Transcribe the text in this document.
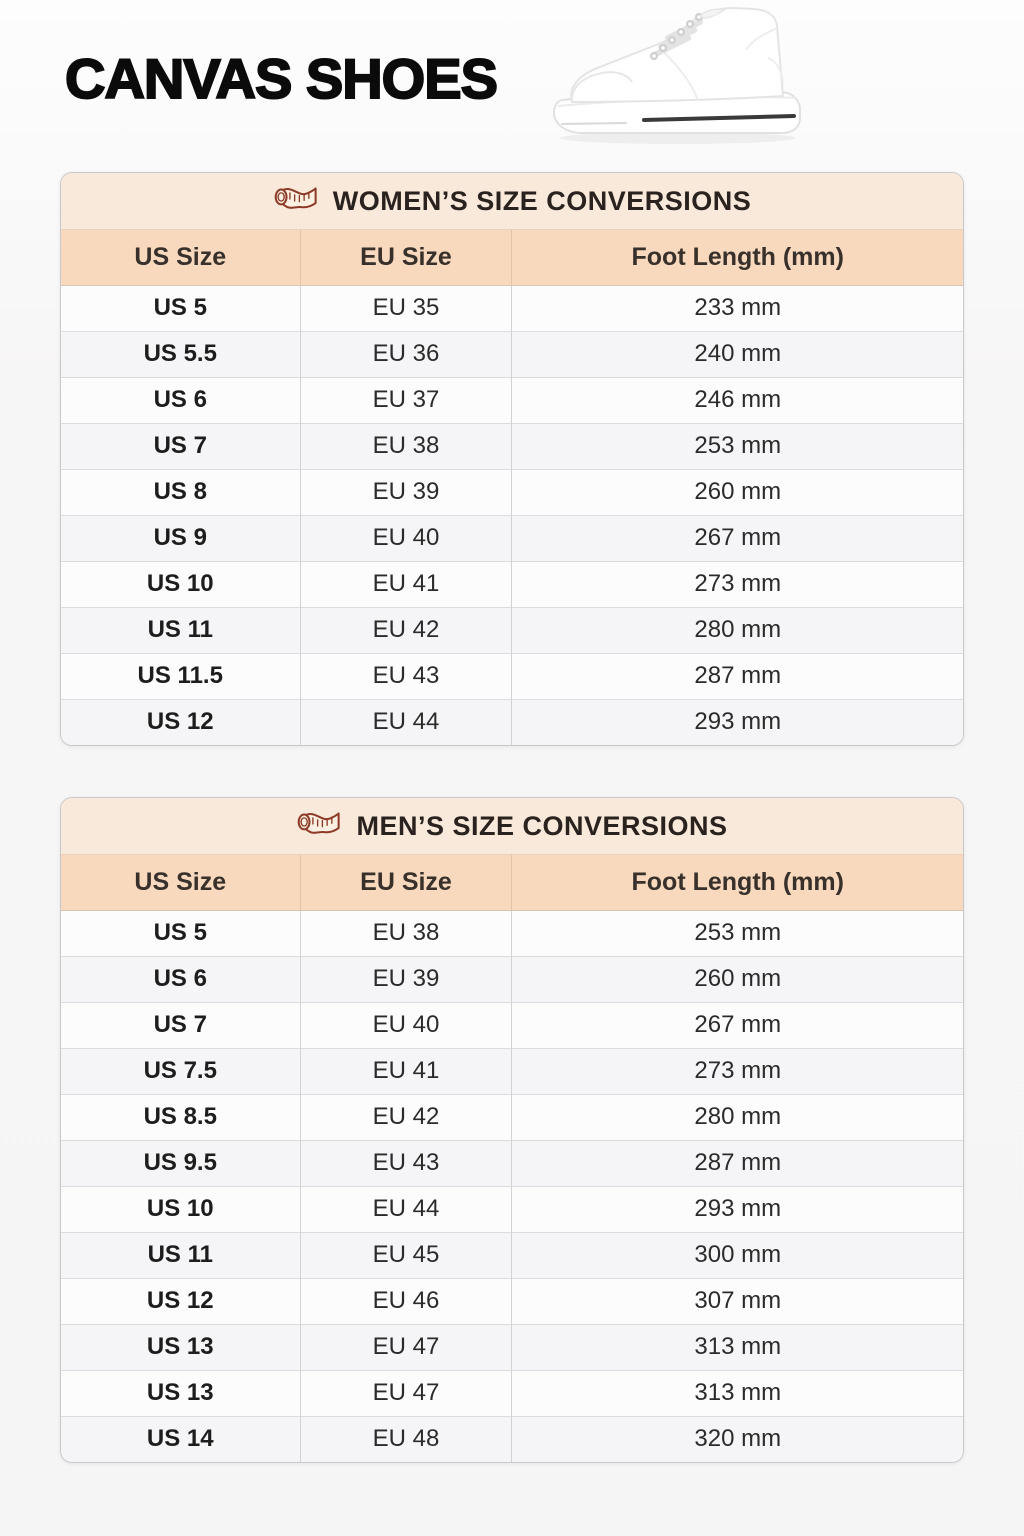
CANVAS SHOES
WOMEN’S SIZE CONVERSIONS
US Size	EU Size	Foot Length (mm)
US 5	EU 35	233 mm
US 5.5	EU 36	240 mm
US 6	EU 37	246 mm
US 7	EU 38	253 mm
US 8	EU 39	260 mm
US 9	EU 40	267 mm
US 10	EU 41	273 mm
US 11	EU 42	280 mm
US 11.5	EU 43	287 mm
US 12	EU 44	293 mm
MEN’S SIZE CONVERSIONS
US Size	EU Size	Foot Length (mm)
US 5	EU 38	253 mm
US 6	EU 39	260 mm
US 7	EU 40	267 mm
US 7.5	EU 41	273 mm
US 8.5	EU 42	280 mm
US 9.5	EU 43	287 mm
US 10	EU 44	293 mm
US 11	EU 45	300 mm
US 12	EU 46	307 mm
US 13	EU 47	313 mm
US 13	EU 47	313 mm
US 14	EU 48	320 mm
